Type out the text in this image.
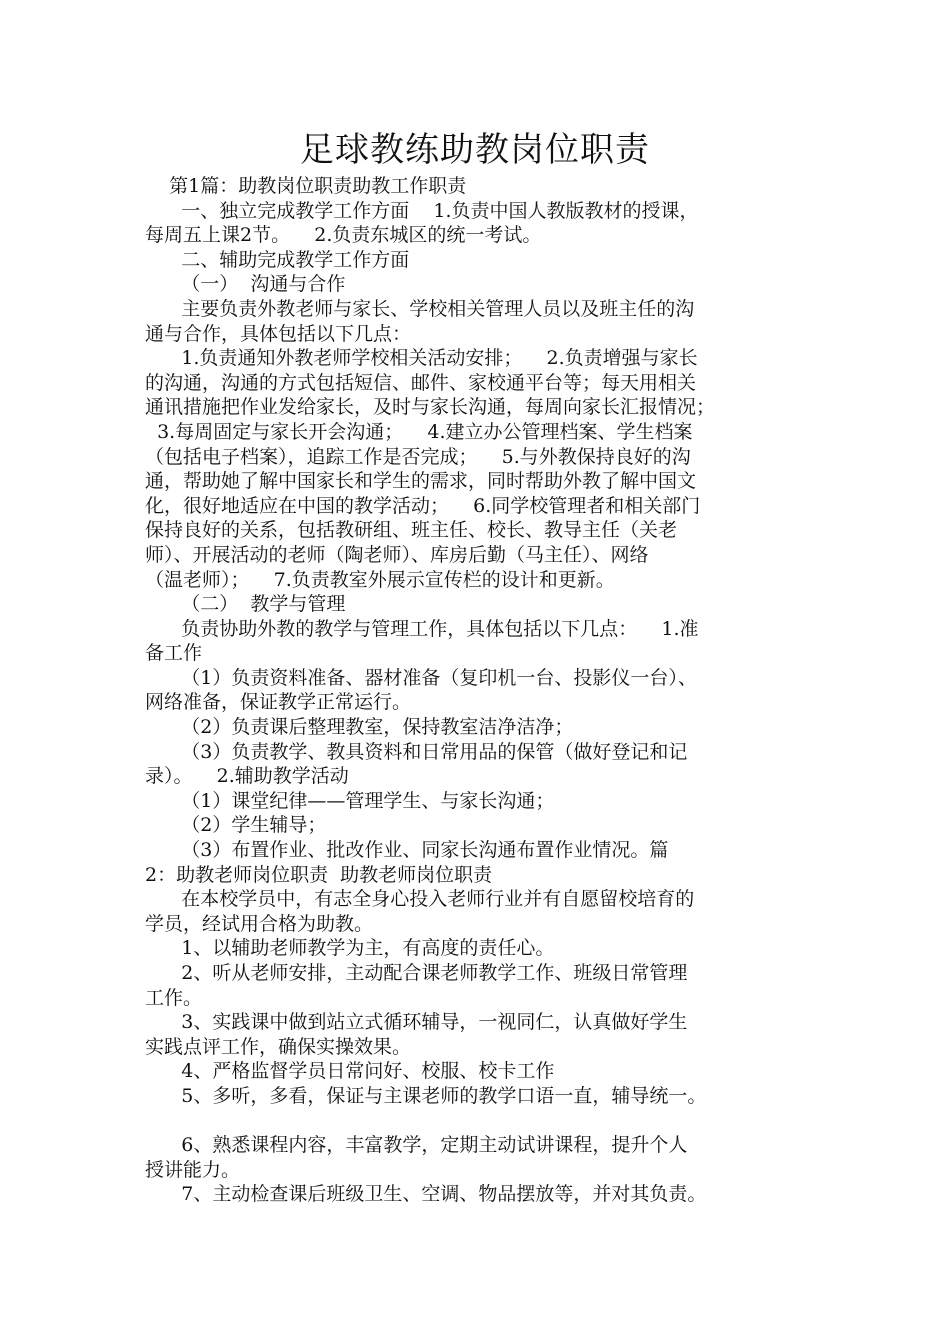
足球教练助教岗位职责
第1篇：助教岗位职责助教工作职责
一、独立完成教学工作方面    1.负责中国人教版教材的授课，
每周五上课2节。    2.负责东城区的统一考试。
二、辅助完成教学工作方面
（一）  沟通与合作
主要负责外教老师与家长、学校相关管理人员以及班主任的沟
通与合作，具体包括以下几点：
1.负责通知外教老师学校相关活动安排；    2.负责增强与家长
的沟通，沟通的方式包括短信、邮件、家校通平台等；每天用相关
通讯措施把作业发给家长，及时与家长沟通，每周向家长汇报情况；
3.每周固定与家长开会沟通；    4.建立办公管理档案、学生档案
（包括电子档案），追踪工作是否完成；    5.与外教保持良好的沟
通，帮助她了解中国家长和学生的需求，同时帮助外教了解中国文
化，很好地适应在中国的教学活动；    6.同学校管理者和相关部门
保持良好的关系，包括教研组、班主任、校长、教导主任（关老
师）、开展活动的老师（陶老师）、库房后勤（马主任）、网络
（温老师）；    7.负责教室外展示宣传栏的设计和更新。
（二）  教学与管理
负责协助外教的教学与管理工作，具体包括以下几点：    1.准
备工作
（1）负责资料准备、器材准备（复印机一台、投影仪一台）、
网络准备，保证教学正常运行。
（2）负责课后整理教室，保持教室洁净洁净；
（3）负责教学、教具资料和日常用品的保管（做好登记和记
录）。    2.辅助教学活动
（1）课堂纪律——管理学生、与家长沟通；
（2）学生辅导；
（3）布置作业、批改作业、同家长沟通布置作业情况。篇
2：助教老师岗位职责  助教老师岗位职责
在本校学员中，有志全身心投入老师行业并有自愿留校培育的
学员，经试用合格为助教。
1、以辅助老师教学为主，有高度的责任心。
2、听从老师安排，主动配合课老师教学工作、班级日常管理
工作。
3、实践课中做到站立式循环辅导，一视同仁，认真做好学生
实践点评工作，确保实操效果。
4、严格监督学员日常问好、校服、校卡工作
5、多听，多看，保证与主课老师的教学口语一直，辅导统一。
6、熟悉课程内容，丰富教学，定期主动试讲课程，提升个人
授讲能力。
7、主动检查课后班级卫生、空调、物品摆放等，并对其负责。
